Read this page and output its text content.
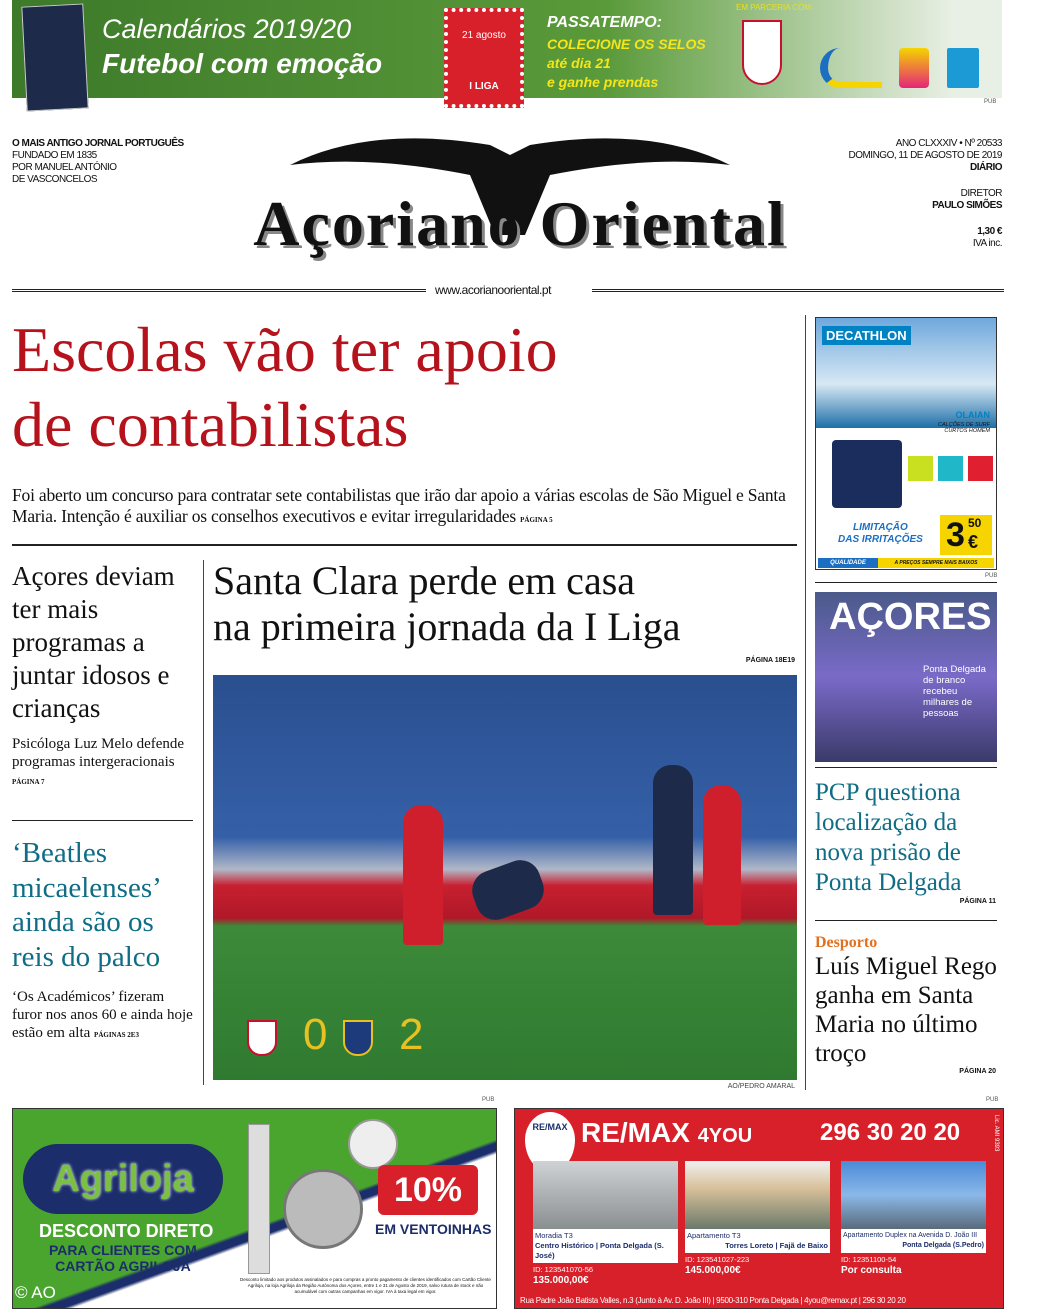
Calendários 2019/20
Futebol com emoção
21 agosto
I LIGA
PASSATEMPO:
COLECIONE OS SELOS
até dia 21
e ganhe prendas
EM PARCERIA COM:
PUB
O MAIS ANTIGO JORNAL PORTUGUÊS
FUNDADO EM 1835
POR MANUEL ANTÓNIO
DE VASCONCELOS
Açoriano Oriental
ANO CLXXXIV • Nº 20533
DOMINGO, 11 DE AGOSTO DE 2019
DIÁRIO
DIRETOR
PAULO SIMÕES
1,30 €
IVA inc.
www.acorianooriental.pt
Escolas vão ter apoio
de contabilistas
Foi aberto um concurso para contratar sete contabilistas que irão dar apoio a várias escolas de São Miguel e Santa Maria. Intenção é auxiliar os conselhos executivos e evitar irregularidades PÁGINA 5
Açores deviam ter mais programas a juntar idosos e crianças
Psicóloga Luz Melo defende programas intergeracionais PÁGINA 7
‘Beatles micaelenses’ ainda são os reis do palco
‘Os Académicos’ fizeram furor nos anos 60 e ainda hoje estão em alta PÁGINAS 2E3
Santa Clara perde em casa
na primeira jornada da I Liga
PÁGINA 18E19
0 2
AO/PEDRO AMARAL
DECATHLON
OLAIAN
CALÇÕES DE SURF CURTOS HOMEM
LIMITAÇÃO
DAS IRRITAÇÕES 3 50
€
QUALIDADE	A PREÇOS SEMPRE MAIS BAIXOS
PUB
AÇORES
Ponta Delgada de branco recebeu milhares de pessoas
PCP questiona localização da nova prisão de Ponta Delgada
PÁGINA 11
Desporto
Luís Miguel Rego ganha em Santa Maria no último troço
PÁGINA 20
PUB
Agriloja
DESCONTO DIRETO
PARA CLIENTES COM
CARTÃO AGRILOJA
10%
EM VENTOINHAS
Desconto limitado aos produtos assinalados e para compras a pronto pagamento de clientes identificados com Cartão Cliente Agriloja, na loja Agriloja da Região Autónoma dos Açores, entre 1 e 31 de Agosto de 2019, salvo rutura de stock e não acumulável com outras campanhas em vigor. IVA à taxa legal em vigor.
© AO
PUB
RE/MAX RE/MAX 4YOU	296 30 20 20	Lic. AMI 9393
Moradia T3
Centro Histórico | Ponta Delgada (S. José)
ID: 123541070-56
135.000,00€
Apartamento T3
Torres Loreto | Fajã de Baixo
ID: 123541027-223
145.000,00€
Apartamento Duplex na Avenida D. João III
Ponta Delgada (S.Pedro)
ID: 12351100-54
Por consulta
Rua Padre João Batista Valles, n.3 (Junto à Av. D. João III) | 9500-310 Ponta Delgada | 4you@remax.pt | 296 30 20 20
